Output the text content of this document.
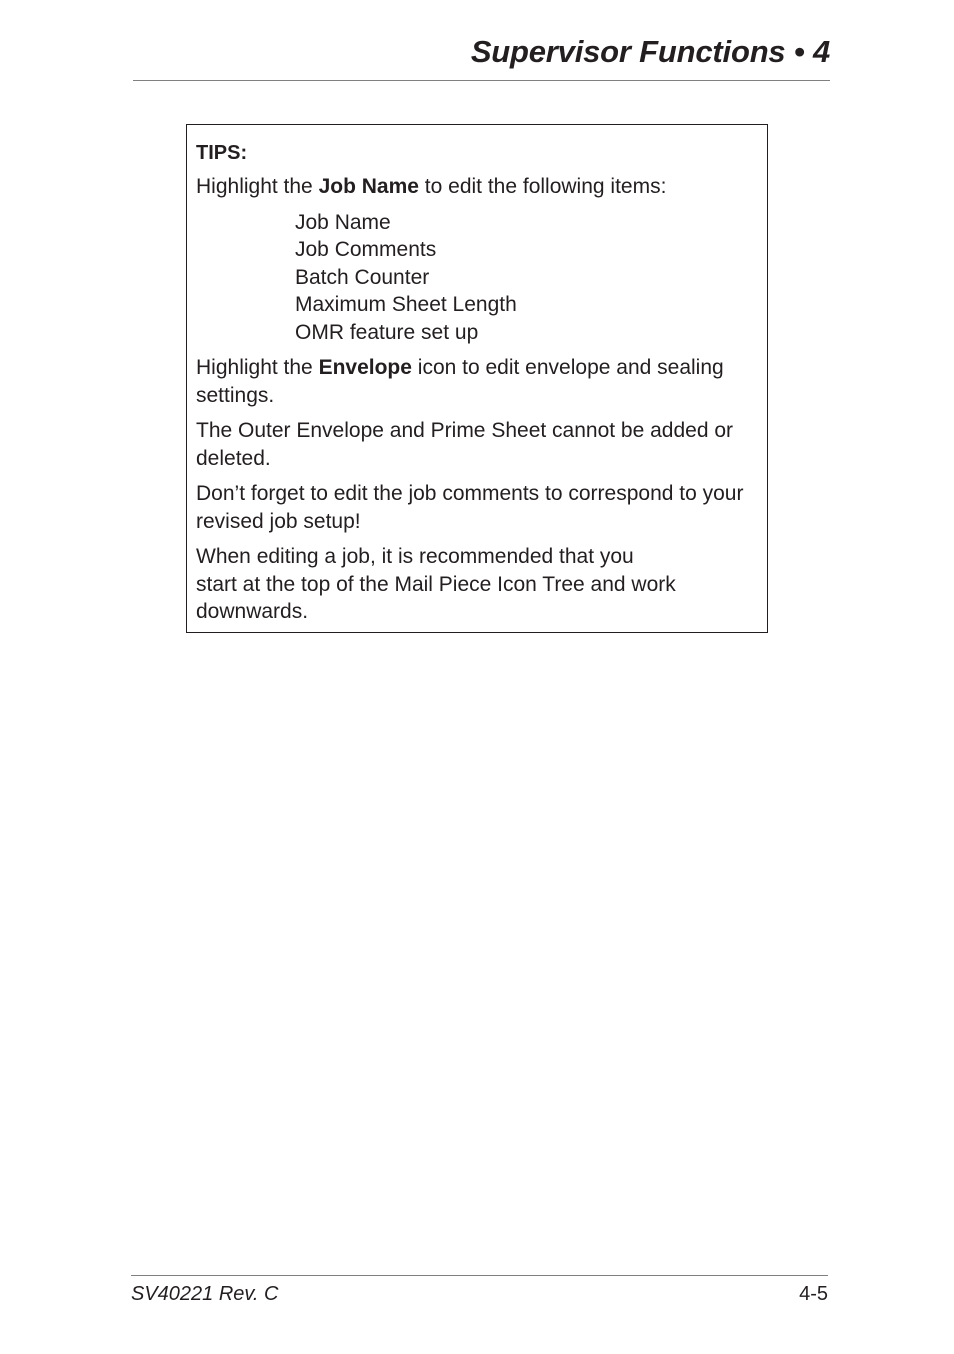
Supervisor Functions • 4
TIPS:

Highlight the Job Name to edit the following items:

Job Name
Job Comments
Batch Counter
Maximum Sheet Length
OMR feature set up

Highlight the Envelope icon to edit envelope and sealing settings.

The Outer Envelope and Prime Sheet cannot be added or deleted.

Don’t forget to edit the job comments to correspond to your revised job setup!

When editing a job, it is recommended that you
start at the top of the Mail Piece Icon Tree and work downwards.

SV40221 Rev. C	4-5
